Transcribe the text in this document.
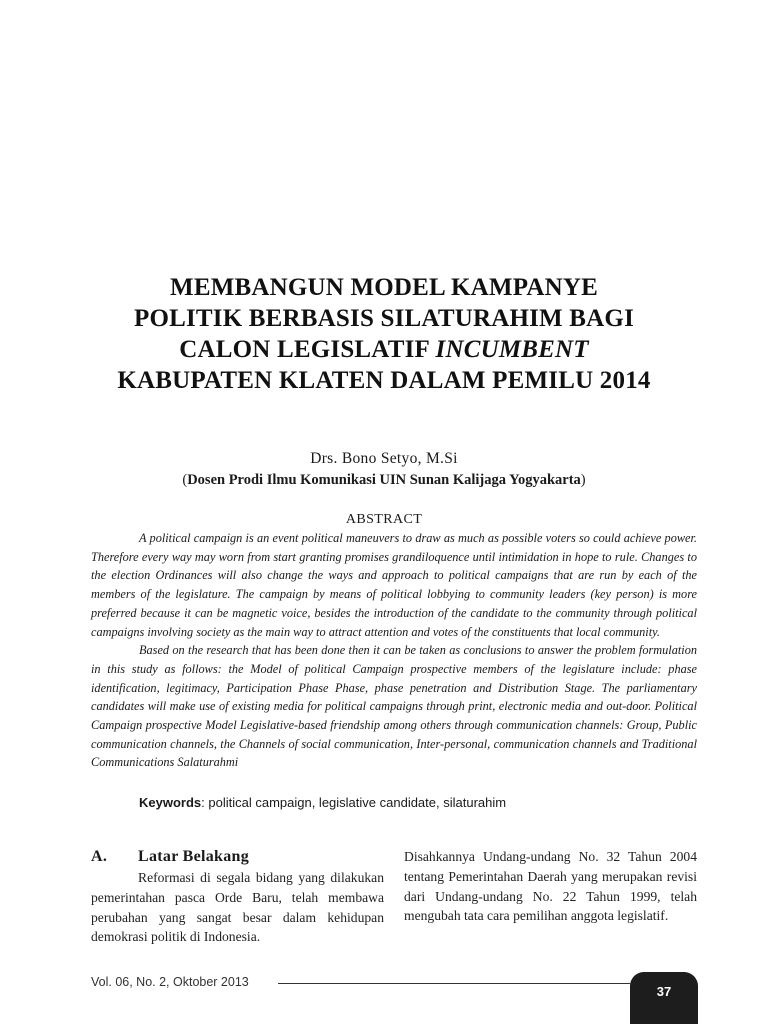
MEMBANGUN MODEL KAMPANYE
POLITIK BERBASIS SILATURAHIM BAGI
CALON LEGISLATIF INCUMBENT
KABUPATEN KLATEN DALAM PEMILU 2014

Drs. Bono Setyo, M.Si

(Dosen Prodi Ilmu Komunikasi UIN Sunan Kalijaga Yogyakarta)

ABSTRACT

A political campaign is an event political maneuvers to draw as much as possible voters so could achieve power. Therefore every way may worn from start granting promises grandiloquence until intimidation in hope to rule. Changes to the election Ordinances will also change the ways and approach to political campaigns that are run by each of the members of the legislature. The campaign by means of political lobbying to community leaders (key person) is more preferred because it can be magnetic voice, besides the introduction of the candidate to the community through political campaigns involving society as the main way to attract attention and votes of the constituents that local community.

Based on the research that has been done then it can be taken as conclusions to answer the problem formulation in this study as follows: the Model of political Campaign prospective members of the legislature include: phase identification, legitimacy, Participation Phase Phase, phase penetration and Distribution Stage. The parliamentary candidates will make use of existing media for political campaigns through print, electronic media and out-door. Political Campaign prospective Model Legislative-based friendship among others through communication channels: Group, Public communication channels, the Channels of social communication, Inter-personal, communication channels and Traditional Communications Salaturahmi

Keywords: political campaign, legislative candidate, silaturahim

A. Latar Belakang

Reformasi di segala bidang yang dilakukan pemerintahan pasca Orde Baru, telah membawa perubahan yang sangat besar dalam kehidupan demokrasi politik di Indonesia.

Disahkannya Undang-undang No. 32 Tahun 2004 tentang Pemerintahan Daerah yang merupakan revisi dari Undang-undang No. 22 Tahun 1999, telah mengubah tata cara pemilihan anggota legislatif.

Vol. 06, No. 2, Oktober 2013
37
